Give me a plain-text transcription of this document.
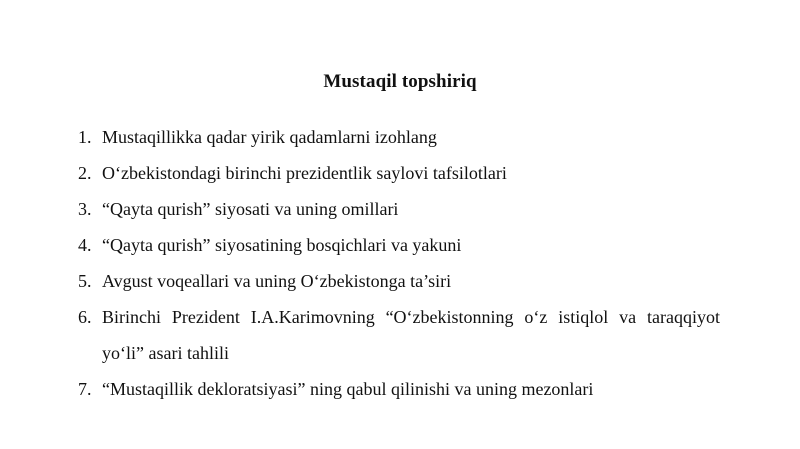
Mustaqil topshiriq
1. Mustaqillikka qadar yirik qadamlarni izohlang
2. O‘zbekistondagi birinchi prezidentlik saylovi tafsilotlari
3. “Qayta qurish” siyosati va uning omillari
4. “Qayta qurish” siyosatining bosqichlari va yakuni
5. Avgust voqeallari va uning O‘zbekistonga ta’siri
6. Birinchi Prezident I.A.Karimovning “O‘zbekistonning o‘z istiqlol va taraqqiyot yo‘li” asari tahlili
7. “Mustaqillik dekloratsiyasi” ning qabul qilinishi va uning mezonlari
